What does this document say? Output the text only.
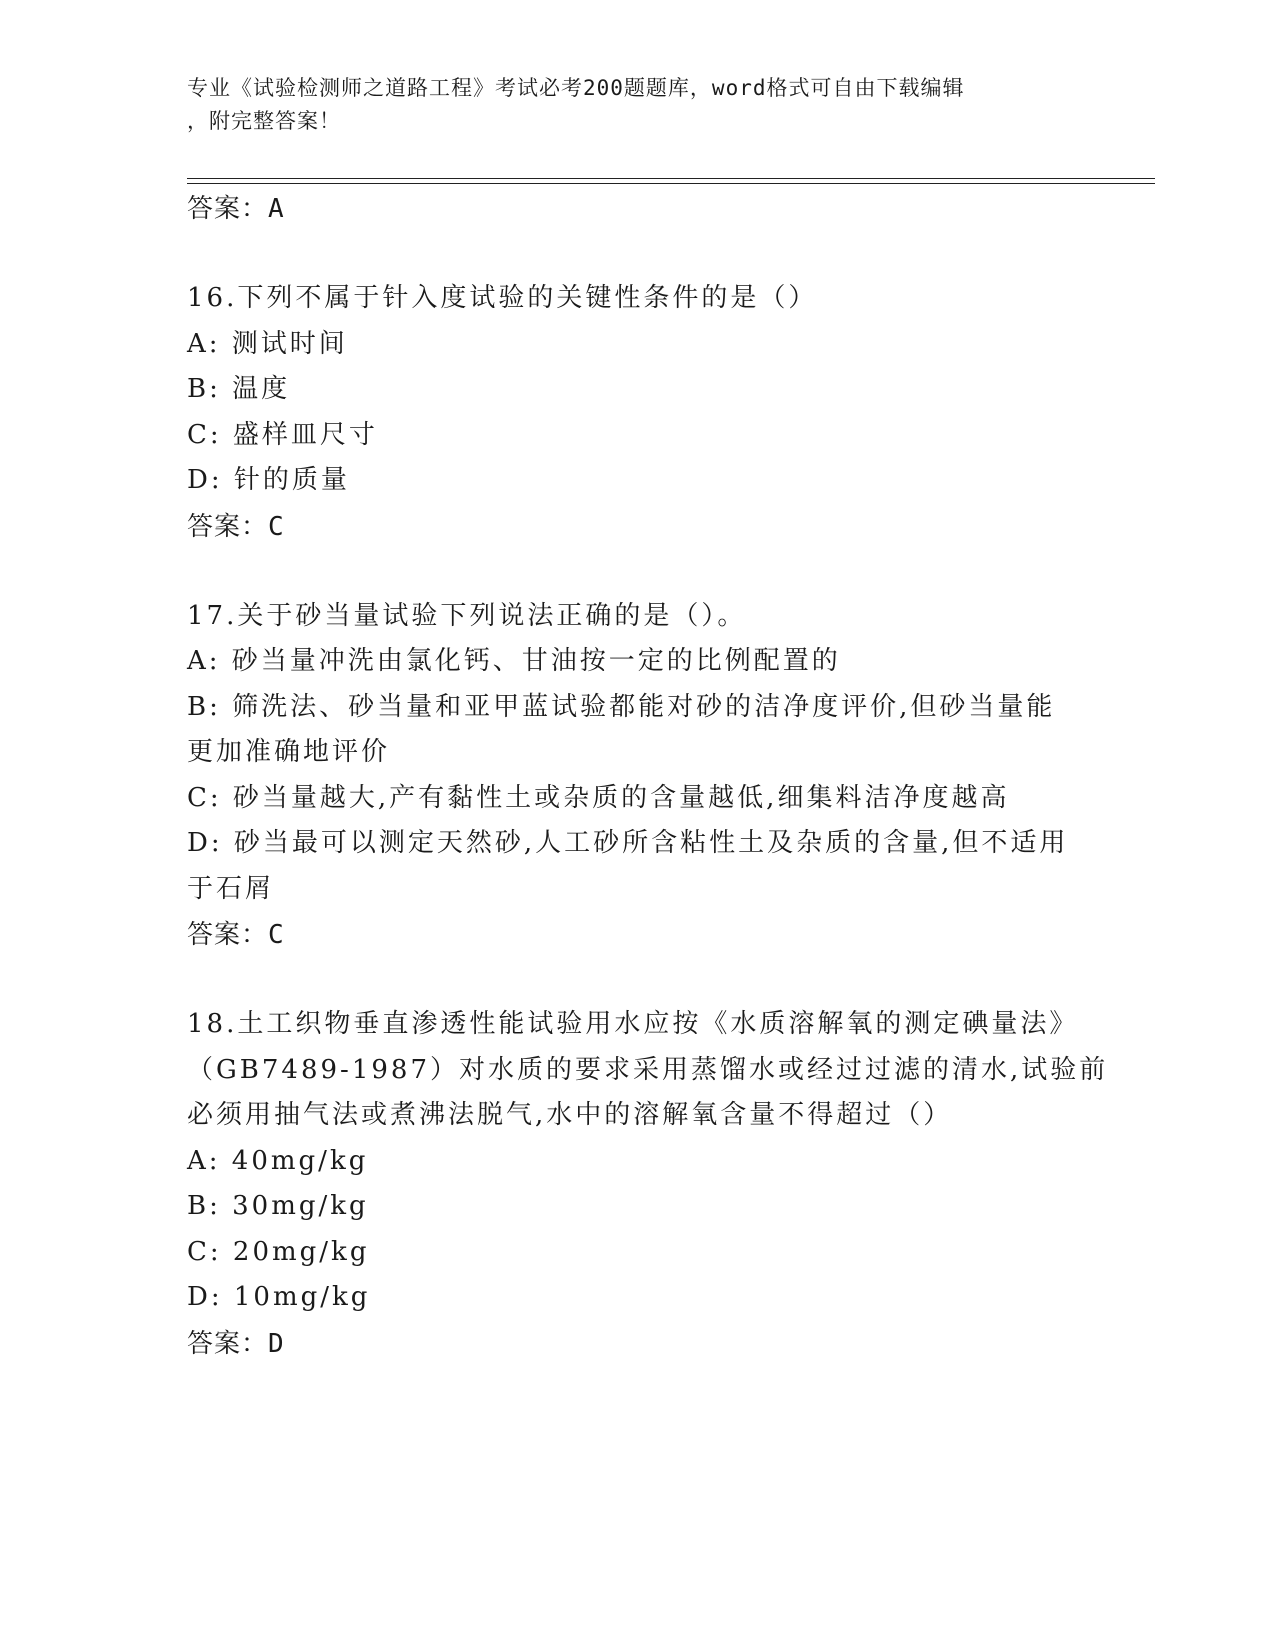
专业《试验检测师之道路工程》考试必考200题题库，word格式可自由下载编辑
，附完整答案！
答案：A
16.下列不属于针入度试验的关键性条件的是（）
A: 测试时间
B: 温度
C: 盛样皿尺寸
D: 针的质量
答案：C
17.关于砂当量试验下列说法正确的是（）。
A: 砂当量冲洗由氯化钙、甘油按一定的比例配置的
B: 筛洗法、砂当量和亚甲蓝试验都能对砂的洁净度评价,但砂当量能
更加准确地评价
C: 砂当量越大,产有黏性土或杂质的含量越低,细集料洁净度越高
D: 砂当最可以测定天然砂,人工砂所含粘性土及杂质的含量,但不适用
于石屑
答案：C
18.土工织物垂直渗透性能试验用水应按《水质溶解氧的测定碘量法》
（GB7489-1987）对水质的要求采用蒸馏水或经过过滤的清水,试验前
必须用抽气法或煮沸法脱气,水中的溶解氧含量不得超过（）
A: 40mg/kg
B: 30mg/kg
C: 20mg/kg
D: 10mg/kg
答案：D
